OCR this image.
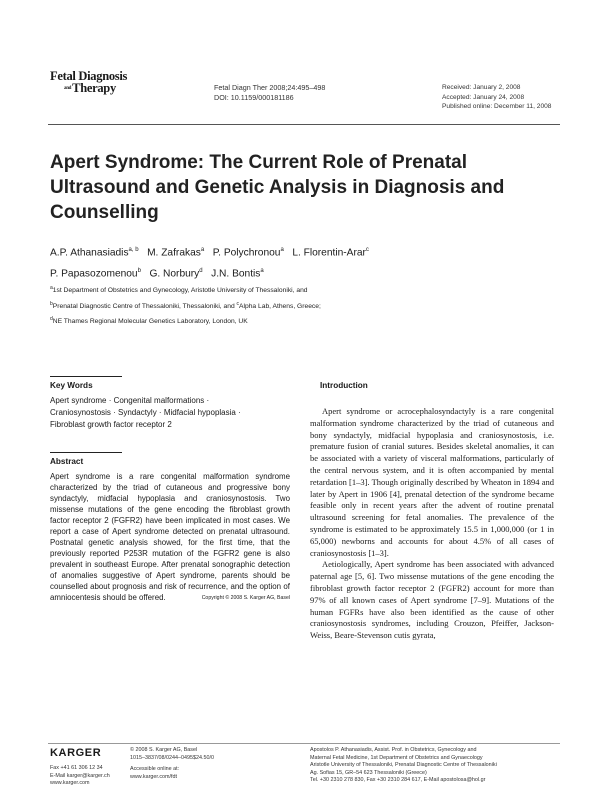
Fetal Diagnosis
andTherapy	Fetal Diagn Ther 2008;24:495–498
DOI: 10.1159/000181186
Received: January 2, 2008
Accepted: January 24, 2008
Published online: December 11, 2008
Apert Syndrome: The Current Role of Prenatal Ultrasound and Genetic Analysis in Diagnosis and Counselling
A.P. Athanasiadis$^{a, b}$ M. Zafrakas$^a$ P. Polychronou$^a$ L. Florentin-Arar$^c$
P. Papasozomenou$^b$ G. Norbury$^d$ J.N. Bontis$^a$
$^a$1st Department of Obstetrics and Gynecology, Aristotle University of Thessaloniki, and
$^b$Prenatal Diagnostic Centre of Thessaloniki, Thessaloniki, and $^c$Alpha Lab, Athens, Greece;
$^d$NE Thames Regional Molecular Genetics Laboratory, London, UK
Key Words
Apert syndrome · Congenital malformations ·
Craniosynostosis · Syndactyly · Midfacial hypoplasia ·
Fibroblast growth factor receptor 2
Abstract
Apert syndrome is a rare congenital malformation syndrome characterized by the triad of cutaneous and progressive bony syndactyly, midfacial hypoplasia and craniosynostosis. Two missense mutations of the gene encoding the fibroblast growth factor receptor 2 (FGFR2) have been implicated in most cases. We report a case of Apert syndrome detected on prenatal ultrasound. Postnatal genetic analysis showed, for the first time, that the previously reported P253R mutation of the FGFR2 gene is also prevalent in southeast Europe. After prenatal sonographic detection of anomalies suggestive of Apert syndrome, parents should be counselled about prognosis and risk of recurrence, and the option of amniocentesis should be offered.	Copyright © 2008 S. Karger AG, Basel
Introduction

Apert syndrome or acrocephalosyndactyly is a rare congenital malformation syndrome characterized by the triad of cutaneous and bony syndactyly, midfacial hypoplasia and craniosynostosis, i.e. premature fusion of cranial sutures. Besides skeletal anomalies, it can be associated with a variety of visceral malformations, particularly of the central nervous system, and it is often accompanied by mental retardation [1–3]. Though originally described by Wheaton in 1894 and later by Apert in 1906 [4], prenatal detection of the syndrome became feasible only in recent years after the advent of routine prenatal ultrasound screening for fetal anomalies. The prevalence of the syndrome is estimated to be approximately 15.5 in 1,000,000 (or 1 in 65,000) newborns and accounts for about 4.5% of all cases of craniosynostosis [1–3].

Aetiologically, Apert syndrome has been associated with advanced paternal age [5, 6]. Two missense mutations of the gene encoding the fibroblast growth factor receptor 2 (FGFR2) account for more than 97% of all known cases of Apert syndrome [7–9]. Mutations of the human FGFRs have also been identified as the cause of other craniosynostosis syndromes, including Crouzon, Pfeiffer, Jackson-Weiss, Beare-Stevenson cutis gyrata,

KARGER
Fax +41 61 306 12 34
E-Mail karger@karger.ch
www.karger.com
© 2008 S. Karger AG, Basel
1015–3837/08/0244–0495$24.50/0
Accessible online at:
www.karger.com/fdt
Apostolos P. Athanasiadis, Assist. Prof. in Obstetrics, Gynecology and
Maternal Fetal Medicine, 1st Department of Obstetrics and Gynaecology
Aristotle University of Thessaloniki, Prenatal Diagnostic Centre of Thessaloniki
Ag. Sofias 15, GR–54 623 Thessaloniki (Greece)
Tel. +30 2310 278 830, Fax +30 2310 284 617, E-Mail apostolosa@hol.gr
